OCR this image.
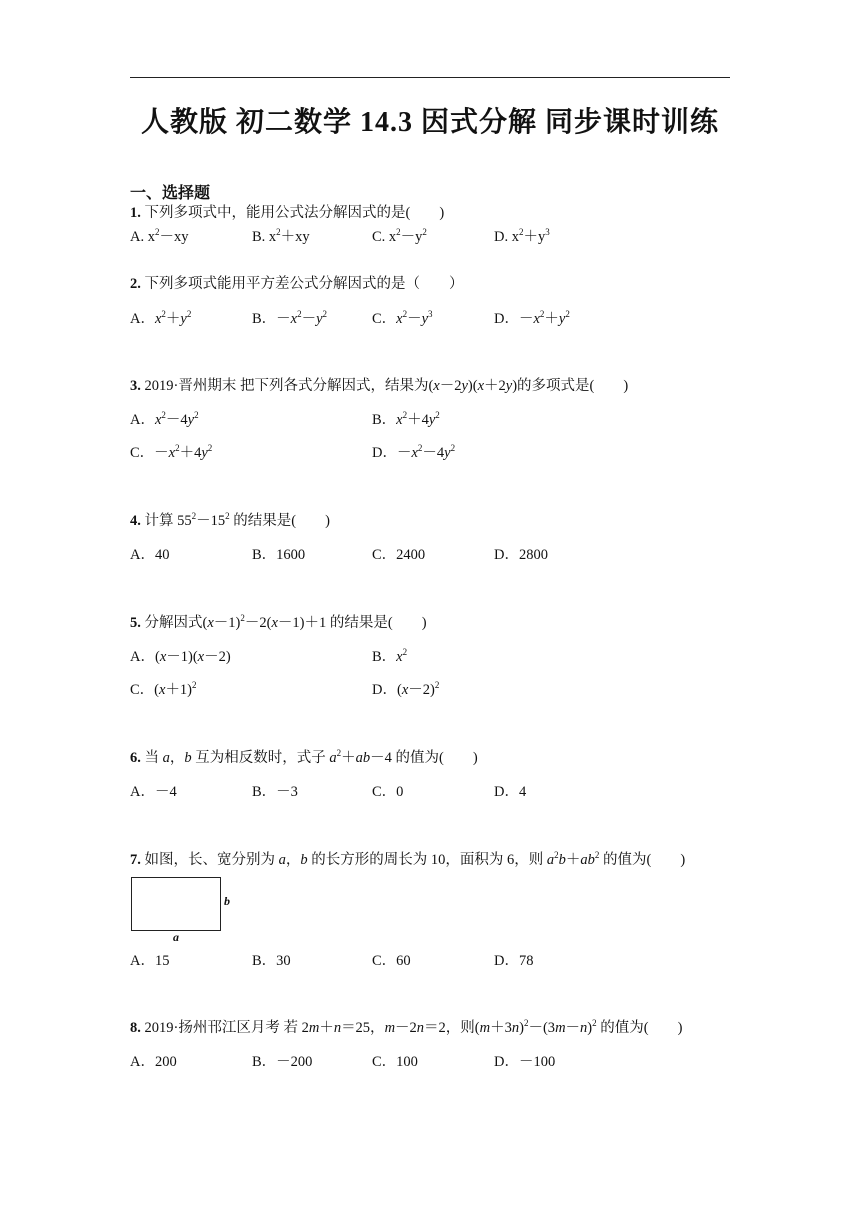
人教版 初二数学 14.3 因式分解 同步课时训练
一、选择题
1. 下列多项式中，能用公式法分解因式的是(　　)
A. $x^2-xy$	B. $x^2+xy$	C. $x^2-y^2$	D. $x^2+y^3$
2. 下列多项式能用平方差公式分解因式的是（　　）
A．$x^2+y^2$	B．$-x^2-y^2$	C．$x^2-y^3$	D．$-x^2+y^2$
3. 2019·晋州期末 把下列各式分解因式，结果为(x－2y)(x＋2y)的多项式是(　　)
A．$x^2-4y^2$	B．$x^2+4y^2$
C．$-x^2+4y^2$	D．$-x^2-4y^2$
4. 计算 $55^2-15^2$ 的结果是(　　)
A．40	B．1600	C．2400	D．2800
5. 分解因式$(x-1)^2-2(x-1)+1$ 的结果是(　　)
A．(x－1)(x－2)	B．$x^2$
C．$(x+1)^2$	D．$(x-2)^2$
6. 当 a，b 互为相反数时，式子 $a^2+ab-4$ 的值为(　　)
A．－4	B．－3	C．0	D．4
7. 如图，长、宽分别为 a，b 的长方形的周长为 10，面积为 6，则 $a^2b+ab^2$ 的值为(　　)
b
a
A．15	B．30	C．60	D．78
8. 2019·扬州邗江区月考 若 2m＋n＝25，m－2n＝2，则$(m+3n)^2-(3m-n)^2$ 的值为(　　)
A．200	B．－200	C．100	D．－100
